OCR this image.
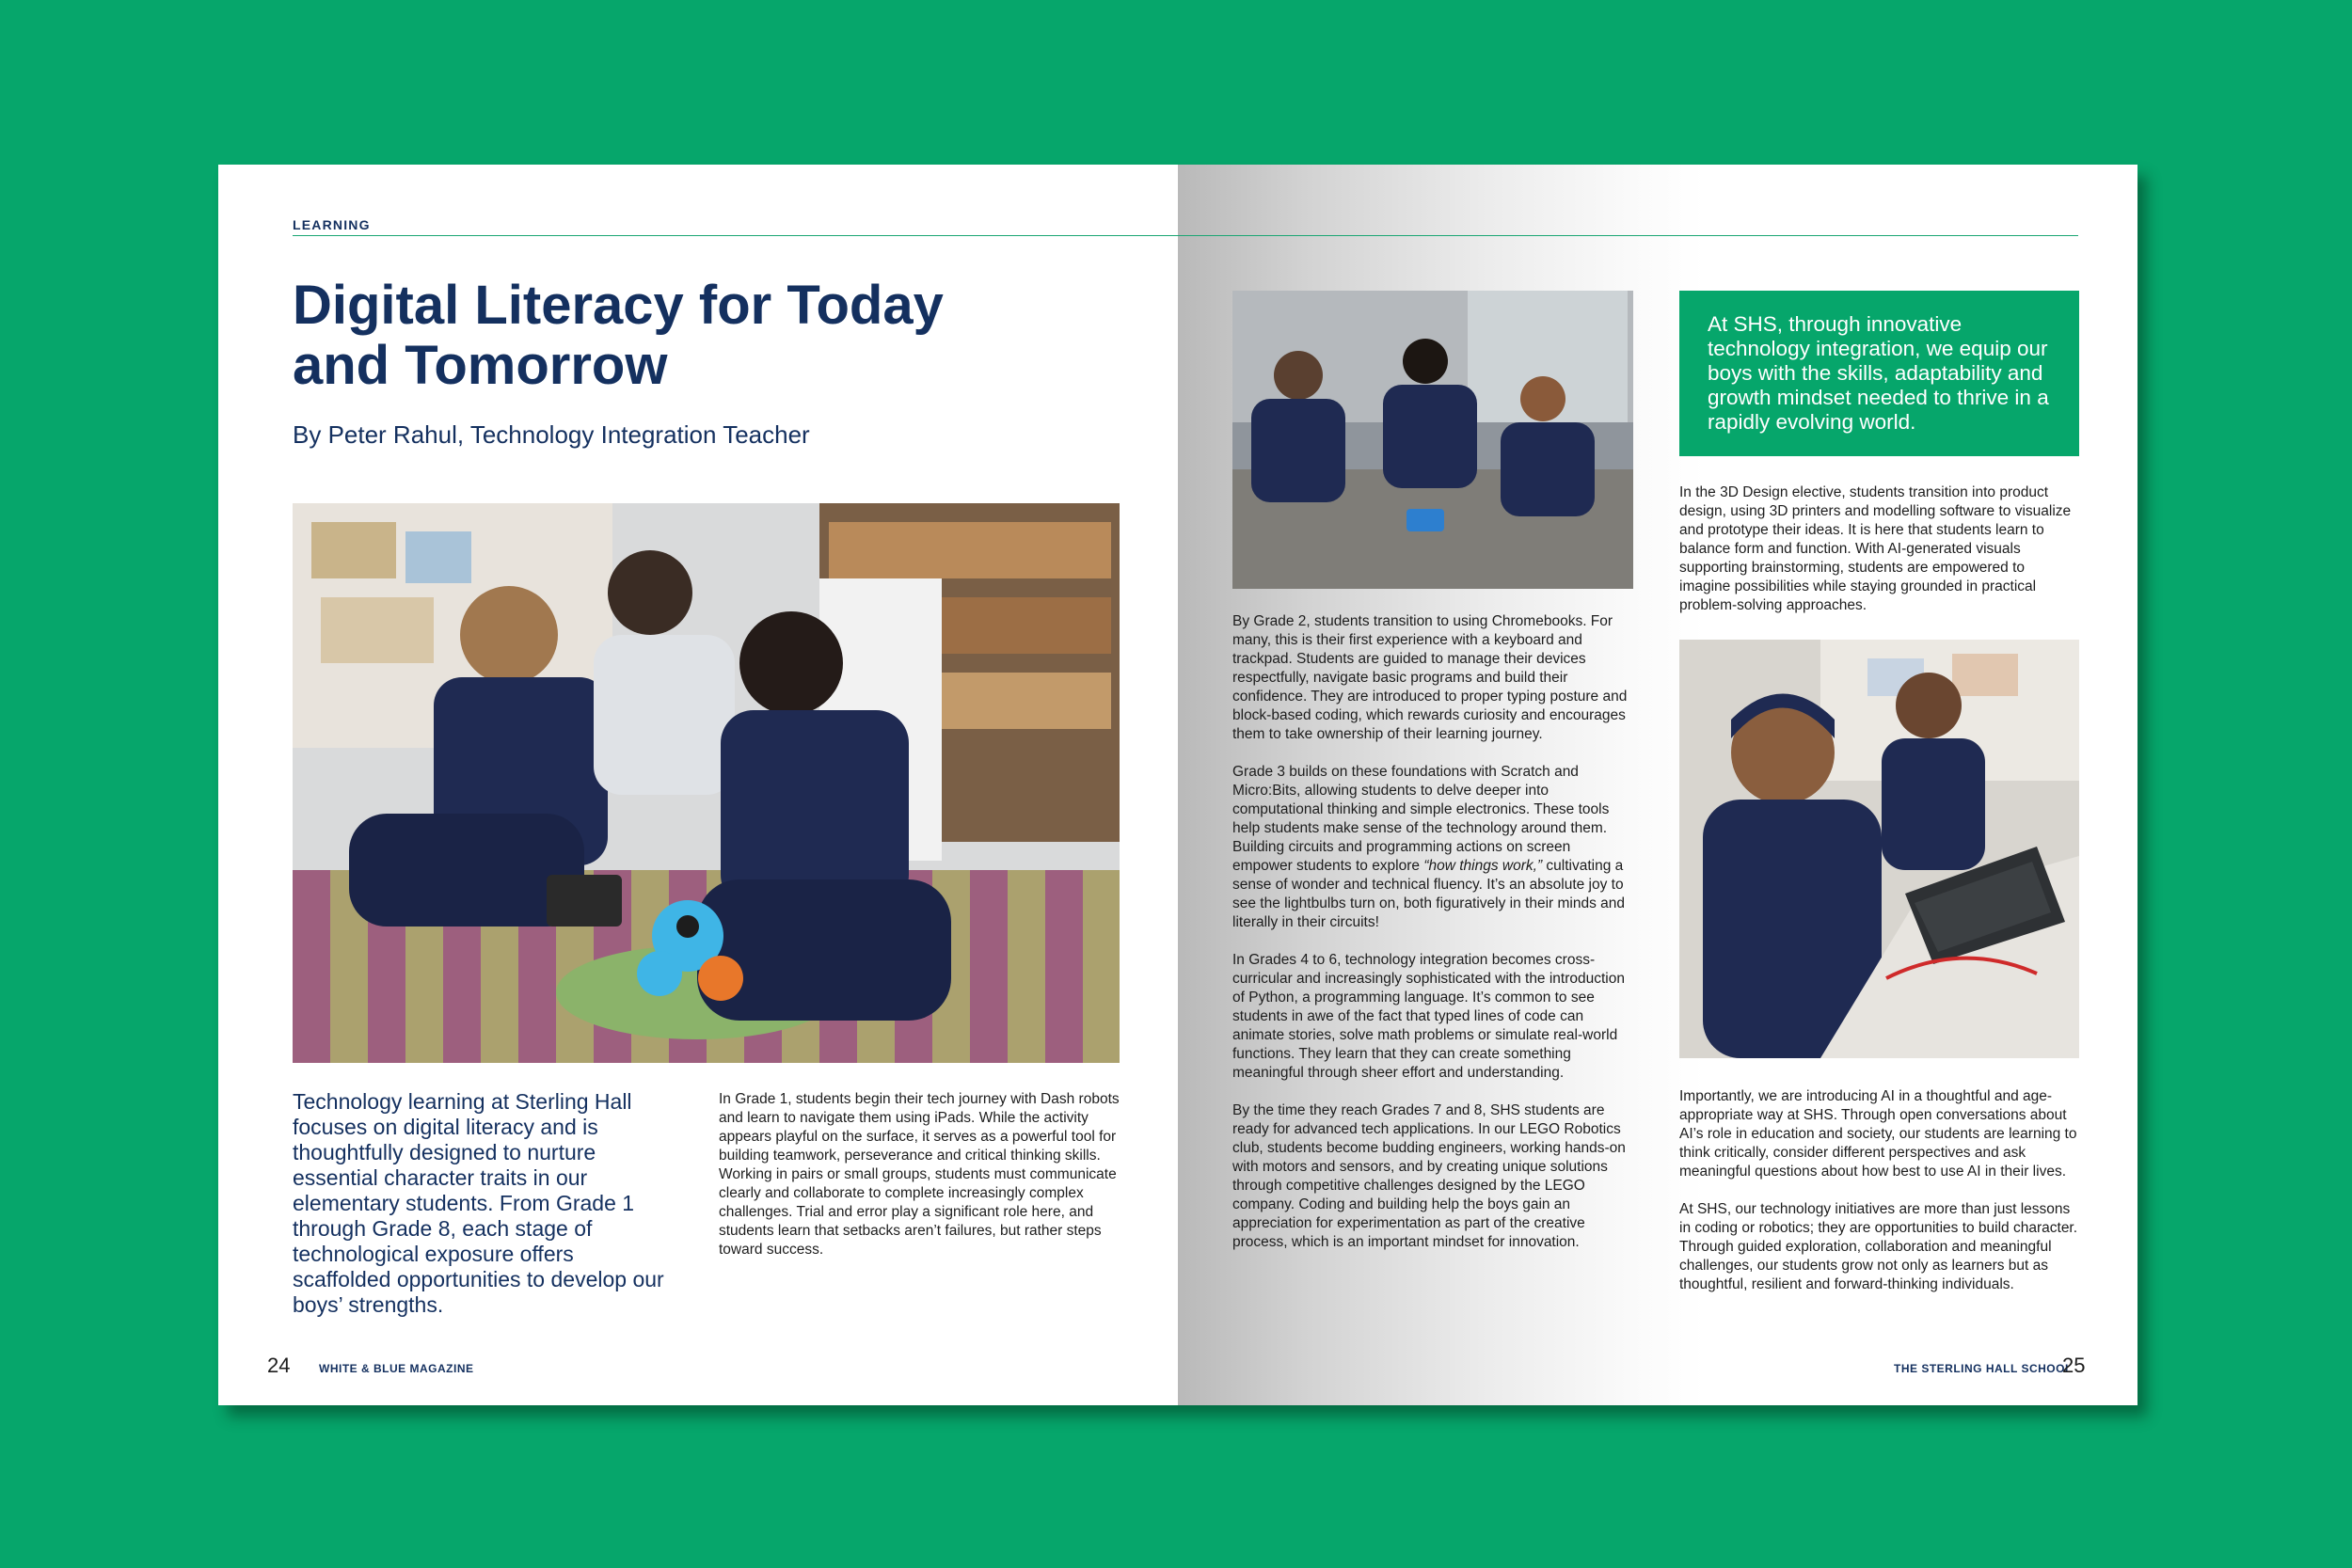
LEARNING
Digital Literacy for Today and Tomorrow
By Peter Rahul, Technology Integration Teacher
Technology learning at Sterling Hall focuses on digital literacy and is thoughtfully designed to nurture essential character traits in our elementary students. From Grade 1 through Grade 8, each stage of technological exposure offers scaffolded opportunities to develop our boys’ strengths.
In Grade 1, students begin their tech journey with Dash robots and learn to navigate them using iPads. While the activity appears playful on the surface, it serves as a powerful tool for building teamwork, perseverance and critical thinking skills. Working in pairs or small groups, students must communicate clearly and collaborate to complete increasingly complex challenges. Trial and error play a significant role here, and students learn that setbacks aren’t failures, but rather steps toward success.
24	WHITE & BLUE MAGAZINE

By Grade 2, students transition to using Chromebooks. For many, this is their first experience with a keyboard and trackpad. Students are guided to manage their devices respectfully, navigate basic programs and build their confidence. They are introduced to proper typing posture and block-based coding, which rewards curiosity and encourages them to take ownership of their learning journey.

Grade 3 builds on these foundations with Scratch and Micro:Bits, allowing students to delve deeper into computational thinking and simple electronics. These tools help students make sense of the technology around them. Building circuits and programming actions on screen empower students to explore “how things work,” cultivating a sense of wonder and technical fluency. It’s an absolute joy to see the lightbulbs turn on, both figuratively in their minds and literally in their circuits!

In Grades 4 to 6, technology integration becomes cross-curricular and increasingly sophisticated with the introduction of Python, a programming language. It’s common to see students in awe of the fact that typed lines of code can animate stories, solve math problems or simulate real-world functions. They learn that they can create something meaningful through sheer effort and understanding.

By the time they reach Grades 7 and 8, SHS students are ready for advanced tech applications. In our LEGO Robotics club, students become budding engineers, working hands-on with motors and sensors, and by creating unique solutions through competitive challenges designed by the LEGO company. Coding and building help the boys gain an appreciation for experimentation as part of the creative process, which is an important mindset for innovation.

At SHS, through innovative technology integration, we equip our boys with the skills, adaptability and growth mindset needed to thrive in a rapidly evolving world.
In the 3D Design elective, students transition into product design, using 3D printers and modelling software to visualize and prototype their ideas. It is here that students learn to balance form and function. With AI-generated visuals supporting brainstorming, students are empowered to imagine possibilities while staying grounded in practical problem-solving approaches.

Importantly, we are introducing AI in a thoughtful and age-appropriate way at SHS. Through open conversations about AI’s role in education and society, our students are learning to think critically, consider different perspectives and ask meaningful questions about how best to use AI in their lives.

At SHS, our technology initiatives are more than just lessons in coding or robotics; they are opportunities to build character. Through guided exploration, collaboration and meaningful challenges, our students grow not only as learners but as thoughtful, resilient and forward-thinking individuals.

THE STERLING HALL SCHOOL
25
